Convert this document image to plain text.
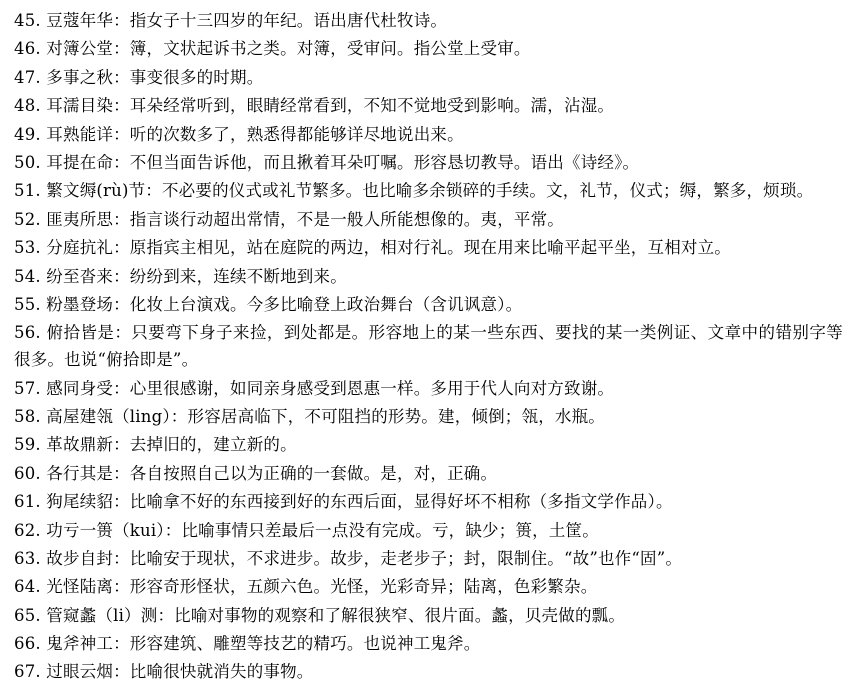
45. 豆蔻年华：指女子十三四岁的年纪。语出唐代杜牧诗。

46. 对簿公堂：簿，文状起诉书之类。对簿，受审问。指公堂上受审。

47. 多事之秋：事变很多的时期。

48. 耳濡目染：耳朵经常听到，眼睛经常看到，不知不觉地受到影响。濡，沾湿。

49. 耳熟能详：听的次数多了，熟悉得都能够详尽地说出来。

50. 耳提在命：不但当面告诉他，而且揪着耳朵叮嘱。形容恳切教导。语出《诗经》。

51. 繁文缛(rù)节：不必要的仪式或礼节繁多。也比喻多余锁碎的手续。文，礼节，仪式；缛，繁多，烦琐。

52. 匪夷所思：指言谈行动超出常情，不是一般人所能想像的。夷，平常。

53. 分庭抗礼：原指宾主相见，站在庭院的两边，相对行礼。现在用来比喻平起平坐，互相对立。

54. 纷至沓来：纷纷到来，连续不断地到来。

55. 粉墨登场：化妆上台演戏。今多比喻登上政治舞台（含讥讽意）。

56. 俯拾皆是：只要弯下身子来捡，到处都是。形容地上的某一些东西、要找的某一类例证、文章中的错别字等很多。也说“俯拾即是”。

57. 感同身受：心里很感谢，如同亲身感受到恩惠一样。多用于代人向对方致谢。

58. 高屋建瓴（ling）：形容居高临下，不可阻挡的形势。建，倾倒；瓴，水瓶。

59. 革故鼎新：去掉旧的，建立新的。

60. 各行其是：各自按照自己以为正确的一套做。是，对，正确。

61. 狗尾续貂：比喻拿不好的东西接到好的东西后面，显得好坏不相称（多指文学作品）。

62. 功亏一篑（kui）：比喻事情只差最后一点没有完成。亏，缺少；篑，土筐。

63. 故步自封：比喻安于现状，不求进步。故步，走老步子；封，限制住。“故”也作“固”。

64. 光怪陆离：形容奇形怪状，五颜六色。光怪，光彩奇异；陆离，色彩繁杂。

65. 管窥蠡（li）测：比喻对事物的观察和了解很狭窄、很片面。蠡，贝壳做的瓢。

66. 鬼斧神工：形容建筑、雕塑等技艺的精巧。也说神工鬼斧。

67. 过眼云烟：比喻很快就消失的事物。
